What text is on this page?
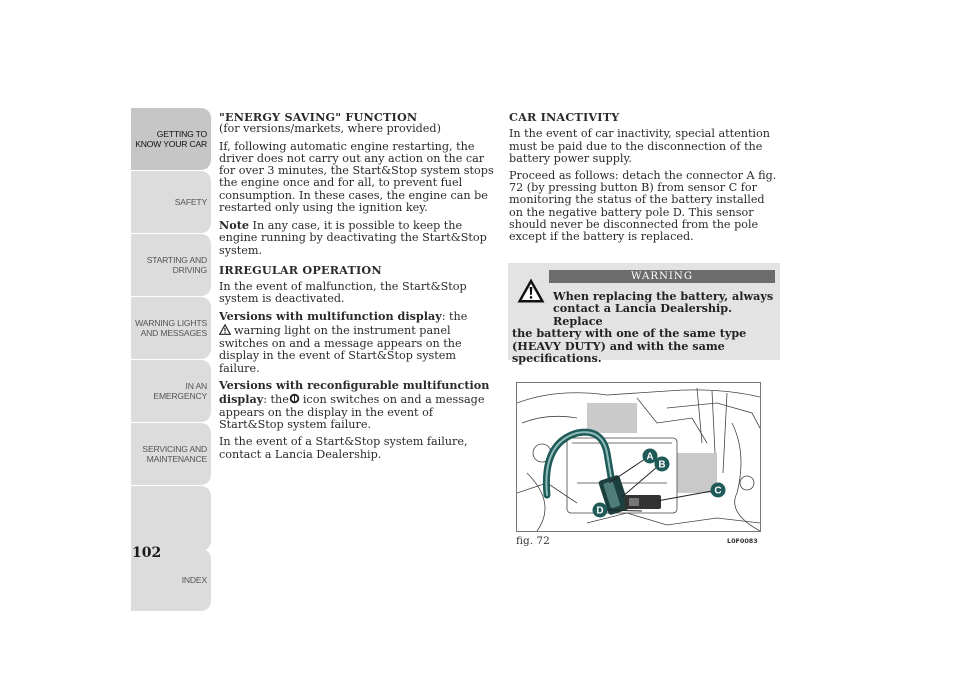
GETTING TO
KNOW YOUR CAR
SAFETY
STARTING AND
DRIVING
WARNING LIGHTS
AND MESSAGES
IN AN EMERGENCY
SERVICING AND
MAINTENANCE
INDEX
102
"ENERGY SAVING" FUNCTION

(for versions/markets, where provided)

If, following automatic engine restarting, the driver does not carry out any action on the car for over 3 minutes, the Start&Stop system stops the engine once and for all, to prevent fuel consumption. In these cases, the engine can be restarted only using the ignition key.

Note In any case, it is possible to keep the engine running by deactivating the Start&Stop system.

IRREGULAR OPERATION

In the event of malfunction, the Start&Stop system is deactivated.

Versions with multifunction display: the
warning light on the instrument panel switches on and a message appears on the display in the event of Start&Stop system failure.

Versions with reconfigurable multifunction display: the icon switches on and a message appears on the display in the event of Start&Stop system failure.

In the event of a Start&Stop system failure, contact a Lancia Dealership.

CAR INACTIVITY

In the event of car inactivity, special attention must be paid due to the disconnection of the battery power supply.

Proceed as follows: detach the connector A fig. 72 (by pressing button B) from sensor C for monitoring the status of the battery installed on the negative battery pole D. This sensor should never be disconnected from the pole except if the battery is replaced.

WARNING
When replacing the battery, always
contact a Lancia Dealership. Replace
the battery with one of the same type (HEAVY DUTY) and with the same specifications.
A
B
C
D
fig. 72	L0F0083
